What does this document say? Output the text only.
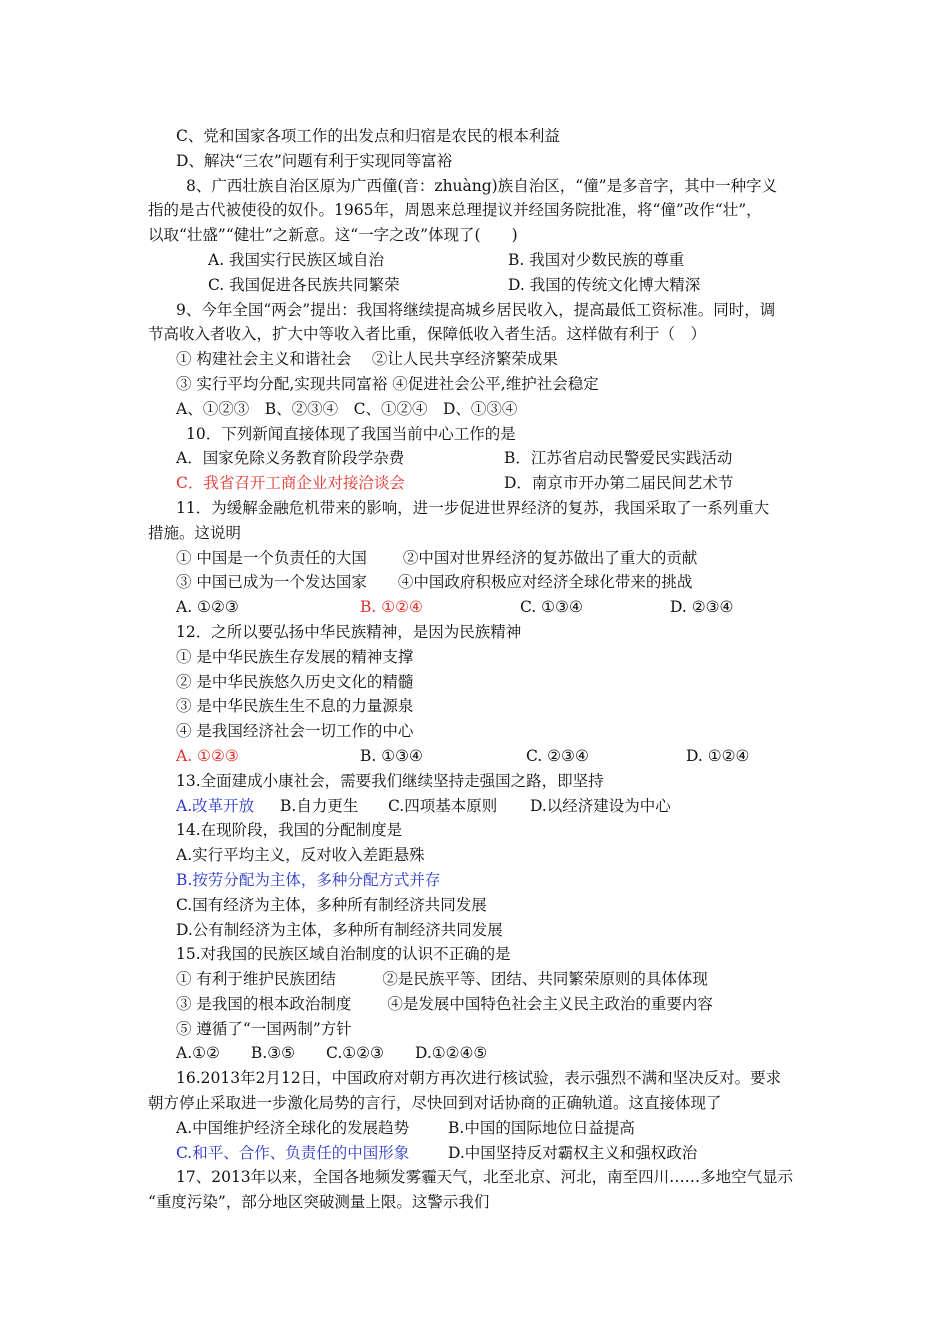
C、党和国家各项工作的出发点和归宿是农民的根本利益
D、解决“三农”问题有利于实现同等富裕
8、广西壮族自治区原为广西僮(音：zhuàng)族自治区，“僮”是多音字，其中一种字义
指的是古代被使役的奴仆。1965年，周恩来总理提议并经国务院批准，将“僮”改作“壮”，
以取“壮盛”“健壮”之新意。这“一字之改”体现了(　　)
A. 我国实行民族区域自治	B. 我国对少数民族的尊重
C. 我国促进各民族共同繁荣	D. 我国的传统文化博大精深
9、今年全国“两会”提出：我国将继续提高城乡居民收入，提高最低工资标准。同时，调
节高收入者收入，扩大中等收入者比重，保障低收入者生活。这样做有利于（　）
① 构建社会主义和谐社会　 ②让人民共享经济繁荣成果
③ 实行平均分配,实现共同富裕 ④促进社会公平,维护社会稳定
A、①②③　B、②③④　C、①②④　D、①③④
10．下列新闻直接体现了我国当前中心工作的是
A．国家免除义务教育阶段学杂费	B．江苏省启动民警爱民实践活动
C．我省召开工商企业对接洽谈会	D．南京市开办第二届民间艺术节
11．为缓解金融危机带来的影响，进一步促进世界经济的复苏，我国采取了一系列重大
措施。这说明
① 中国是一个负责任的大国　　 ②中国对世界经济的复苏做出了重大的贡献
③ 中国已成为一个发达国家　　④中国政府积极应对经济全球化带来的挑战
A. ①②③	B. ①②④	C. ①③④	D. ②③④
12．之所以要弘扬中华民族精神，是因为民族精神
① 是中华民族生存发展的精神支撑
② 是中华民族悠久历史文化的精髓
③ 是中华民族生生不息的力量源泉
④ 是我国经济社会一切工作的中心
A. ①②③	B. ①③④	C. ②③④	D. ①②④
13.全面建成小康社会，需要我们继续坚持走强国之路，即坚持
A.改革开放	B.自力更生	C.四项基本原则	D.以经济建设为中心
14.在现阶段，我国的分配制度是
A.实行平均主义，反对收入差距悬殊
B.按劳分配为主体，多种分配方式并存
C.国有经济为主体，多种所有制经济共同发展
D.公有制经济为主体，多种所有制经济共同发展
15.对我国的民族区域自治制度的认识不正确的是
① 有利于维护民族团结　　　②是民族平等、团结、共同繁荣原则的具体体现
③ 是我国的根本政治制度　　 ④是发展中国特色社会主义民主政治的重要内容
⑤ 遵循了“一国两制”方针
A.①②　　B.③⑤　　C.①②③　　D.①②④⑤
16.2013年2月12日，中国政府对朝方再次进行核试验，表示强烈不满和坚决反对。要求
朝方停止采取进一步激化局势的言行，尽快回到对话协商的正确轨道。这直接体现了
A.中国维护经济全球化的发展趋势	B.中国的国际地位日益提高
C.和平、合作、负责任的中国形象	D.中国坚持反对霸权主义和强权政治
17、2013年以来，全国各地频发雾霾天气，北至北京、河北，南至四川……多地空气显示
“重度污染”，部分地区突破测量上限。这警示我们
